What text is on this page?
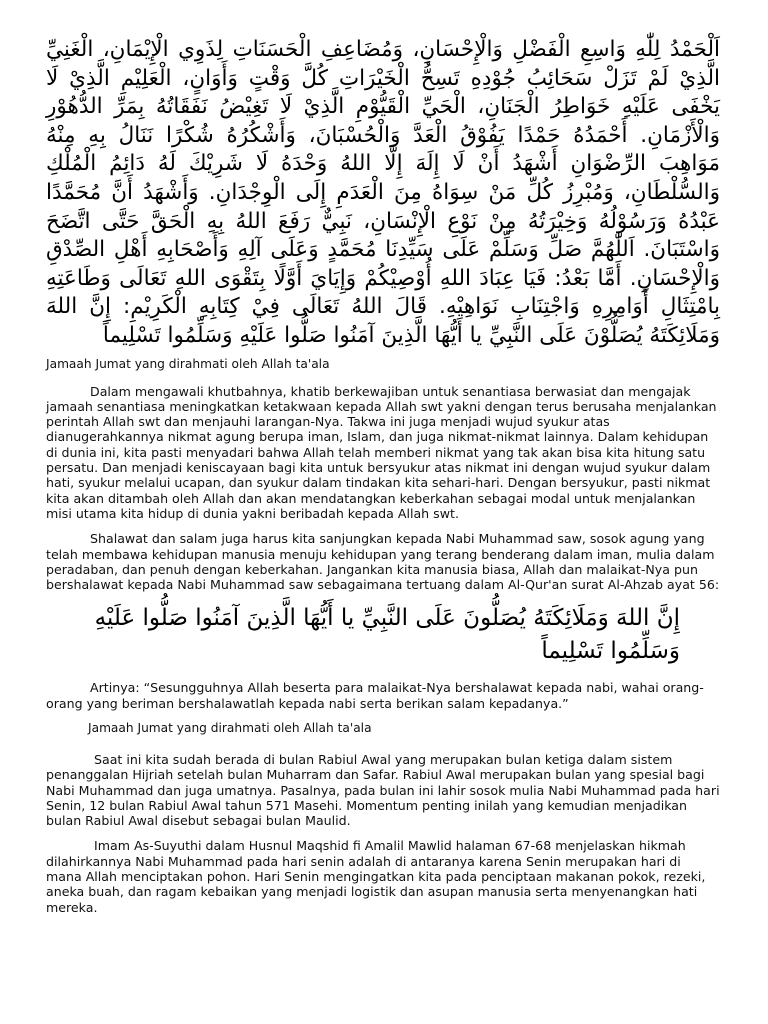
اَلْحَمْدُ لِلّٰهِ وَاسِعِ الْفَضْلِ وَالْإِحْسَانِ، وَمُضَاعِفِ الْحَسَنَاتِ لِذَوِي الْإِيْمَانِ، الْغَنِيِّ الَّذِيْ لَمْ تَزَلْ سَحَائِبُ جُوْدِهِ تَسِحُّ الْخَيْرَاتِ كُلَّ وَقْتٍ وَأَوَانٍ، الْعَلِيْمِ الَّذِيْ لَا يَخْفَى عَلَيْهِ خَوَاطِرُ الْجَنَانِ، الْحَيِّ الْقَيُّوْمِ الَّذِيْ لَا تَغِيْضُ نَفَقَاتُهُ بِمَرِّ الدُّهُوْرِ وَالْأَزْمَانِ. أَحْمَدُهُ حَمْدًا يَفُوْقُ الْعَدَّ وَالْحُسْبَانَ، وَأَشْكُرُهُ شُكْرًا نَنَالُ بِهِ مِنْهُ مَوَاهِبَ الرِّضْوَانِ أَشْهَدُ أَنْ لَا إِلَهَ إِلَّا اللهُ وَحْدَهُ لَا شَرِيْكَ لَهُ دَائِمُ الْمُلْكِ وَالسُّلْطَانِ، وَمُبْرِزُ كُلِّ مَنْ سِوَاهُ مِنَ الْعَدَمِ إِلَى الْوِجْدَانِ. وَأَشْهَدُ أَنَّ مُحَمَّدًا عَبْدُهُ وَرَسُوْلُهُ وَخِيْرَتُهُ مِنْ نَوْعِ الْإِنْسَانِ، نَبِيٌّ رَفَعَ اللهُ بِهِ الْحَقَّ حَتَّى اتَّضَحَ وَاسْتَبَانَ. اَللّٰهُمَّ صَلِّ وَسَلِّمْ عَلَى سَيِّدِنَا مُحَمَّدٍ وَعَلَى آلِهِ وَأَصْحَابِهِ أَهْلِ الصِّدْقِ وَالْإِحْسَانِ. أَمَّا بَعْدُ: فَيَا عِبَادَ اللهِ أُوْصِيْكُمْ وَإِيَايَ أَوَّلًا بِتَقْوَى اللهِ تَعَالَى وَطَاعَتِهِ بِامْتِثَالِ أَوَامِرِهِ وَاجْتِنَابِ نَوَاهِيْهِ. قَالَ اللهُ تَعَالَى فِيْ كِتَابِهِ الْكَرِيْمِ: إِنَّ اللهَ وَمَلَائِكَتَهُ يُصَلُّوْنَ عَلَى النَّبِيِّ يا أَيُّهَا الَّذِينَ آمَنُوا صَلُّوا عَلَيْهِ وَسَلِّمُوا تَسْلِيماً

Jamaah Jumat yang dirahmati oleh Allah ta'ala

Dalam mengawali khutbahnya, khatib berkewajiban untuk senantiasa berwasiat dan mengajak jamaah senantiasa meningkatkan ketakwaan kepada Allah swt yakni dengan terus berusaha menjalankan perintah Allah swt dan menjauhi larangan-Nya. Takwa ini juga menjadi wujud syukur atas dianugerahkannya nikmat agung berupa iman, Islam, dan juga nikmat-nikmat lainnya. Dalam kehidupan di dunia ini, kita pasti menyadari bahwa Allah telah memberi nikmat yang tak akan bisa kita hitung satu persatu. Dan menjadi keniscayaan bagi kita untuk bersyukur atas nikmat ini dengan wujud syukur dalam hati, syukur melalui ucapan, dan syukur dalam tindakan kita sehari-hari. Dengan bersyukur, pasti nikmat kita akan ditambah oleh Allah dan akan mendatangkan keberkahan sebagai modal untuk menjalankan misi utama kita hidup di dunia yakni beribadah kepada Allah swt.

Shalawat dan salam juga harus kita sanjungkan kepada Nabi Muhammad saw, sosok agung yang telah membawa kehidupan manusia menuju kehidupan yang terang benderang dalam iman, mulia dalam peradaban, dan penuh dengan keberkahan. Jangankan kita manusia biasa, Allah dan malaikat-Nya pun bershalawat kepada Nabi Muhammad saw sebagaimana tertuang dalam Al-Qur'an surat Al-Ahzab ayat 56:

إِنَّ اللهَ وَمَلَائِكَتَهُ يُصَلُّونَ عَلَى النَّبِيِّ يا أَيُّهَا الَّذِينَ آمَنُوا صَلُّوا عَلَيْهِ وَسَلِّمُوا تَسْلِيماً

Artinya: “Sesungguhnya Allah beserta para malaikat-Nya bershalawat kepada nabi, wahai orang-orang yang beriman bershalawatlah kepada nabi serta berikan salam kepadanya.”

Jamaah Jumat yang dirahmati oleh Allah ta'ala

Saat ini kita sudah berada di bulan Rabiul Awal yang merupakan bulan ketiga dalam sistem penanggalan Hijriah setelah bulan Muharram dan Safar. Rabiul Awal merupakan bulan yang spesial bagi Nabi Muhammad dan juga umatnya. Pasalnya, pada bulan ini lahir sosok mulia Nabi Muhammad pada hari Senin, 12 bulan Rabiul Awal tahun 571 Masehi. Momentum penting inilah yang kemudian menjadikan bulan Rabiul Awal disebut sebagai bulan Maulid.

Imam As-Suyuthi dalam Husnul Maqshid fi Amalil Mawlid halaman 67-68 menjelaskan hikmah dilahirkannya Nabi Muhammad pada hari senin adalah di antaranya karena Senin merupakan hari di mana Allah menciptakan pohon. Hari Senin mengingatkan kita pada penciptaan makanan pokok, rezeki, aneka buah, dan ragam kebaikan yang menjadi logistik dan asupan manusia serta menyenangkan hati mereka.
